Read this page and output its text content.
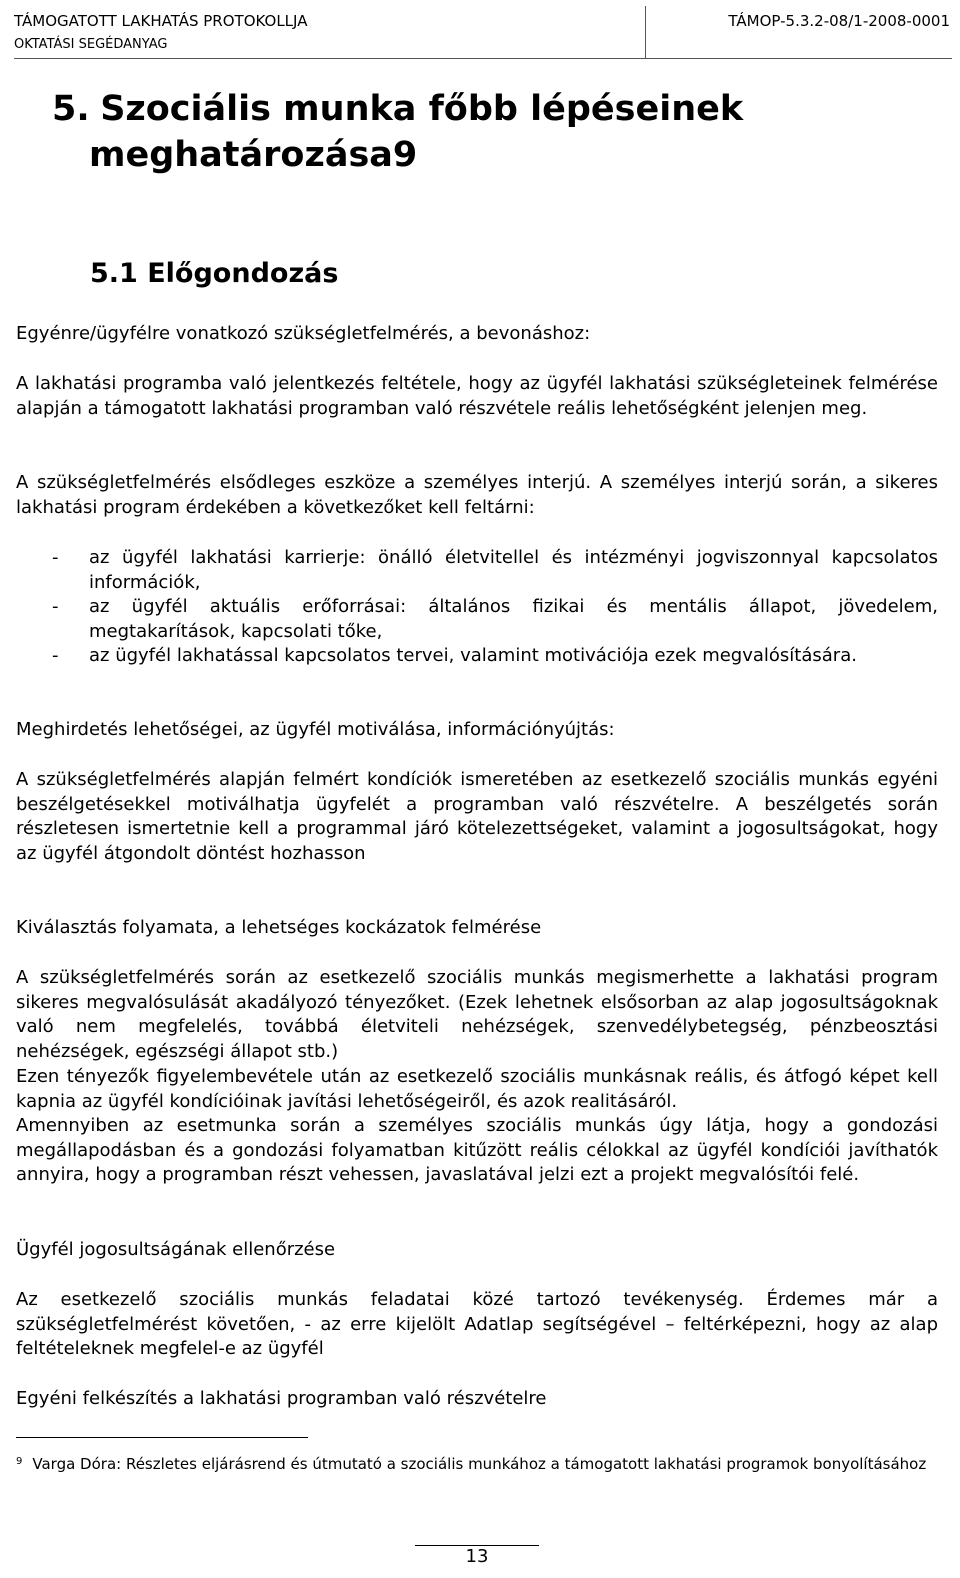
TÁMOGATOTT LAKHATÁS PROTOKOLLJA
OKTATÁSI SEGÉDANYAG
TÁMOP-5.3.2-08/1-2008-0001
5. Szociális munka főbb lépéseinek
meghatározása9
5.1 Előgondozás
Egyénre/ügyfélre vonatkozó szükségletfelmérés, a bevonáshoz:
A lakhatási programba való jelentkezés feltétele, hogy az ügyfél lakhatási szükségleteinek felmérése alapján a támogatott lakhatási programban való részvétele reális lehetőségként jelenjen meg.
A szükségletfelmérés elsődleges eszköze a személyes interjú. A személyes interjú során, a sikeres lakhatási program érdekében a következőket kell feltárni:
- az ügyfél lakhatási karrierje: önálló életvitellel és intézményi jogviszonnyal kapcsolatos információk,
- az ügyfél aktuális erőforrásai: általános fizikai és mentális állapot, jövedelem, megtakarítások, kapcsolati tőke,
- az ügyfél lakhatással kapcsolatos tervei, valamint motivációja ezek megvalósítására.
Meghirdetés lehetőségei, az ügyfél motiválása, információnyújtás:
A szükségletfelmérés alapján felmért kondíciók ismeretében az esetkezelő szociális munkás egyéni beszélgetésekkel motiválhatja ügyfelét a programban való részvételre. A beszélgetés során részletesen ismertetnie kell a programmal járó kötelezettségeket, valamint a jogosultságokat, hogy az ügyfél átgondolt döntést hozhasson
Kiválasztás folyamata, a lehetséges kockázatok felmérése
A szükségletfelmérés során az esetkezelő szociális munkás megismerhette a lakhatási program sikeres megvalósulását akadályozó tényezőket. (Ezek lehetnek elsősorban az alap jogosultságoknak való nem megfelelés, továbbá életviteli nehézségek, szenvedélybetegség, pénzbeosztási nehézségek, egészségi állapot stb.)
Ezen tényezők figyelembevétele után az esetkezelő szociális munkásnak reális, és átfogó képet kell kapnia az ügyfél kondícióinak javítási lehetőségeiről, és azok realitásáról.
Amennyiben az esetmunka során a személyes szociális munkás úgy látja, hogy a gondozási megállapodásban és a gondozási folyamatban kitűzött reális célokkal az ügyfél kondíciói javíthatók annyira, hogy a programban részt vehessen, javaslatával jelzi ezt a projekt megvalósítói felé.
Ügyfél jogosultságának ellenőrzése
Az esetkezelő szociális munkás feladatai közé tartozó tevékenység. Érdemes már a szükségletfelmérést követően, - az erre kijelölt Adatlap segítségével – feltérképezni, hogy az alap feltételeknek megfelel-e az ügyfél
Egyéni felkészítés a lakhatási programban való részvételre
$^9$ Varga Dóra: Részletes eljárásrend és útmutató a szociális munkához a támogatott lakhatási programok bonyolításához
13
